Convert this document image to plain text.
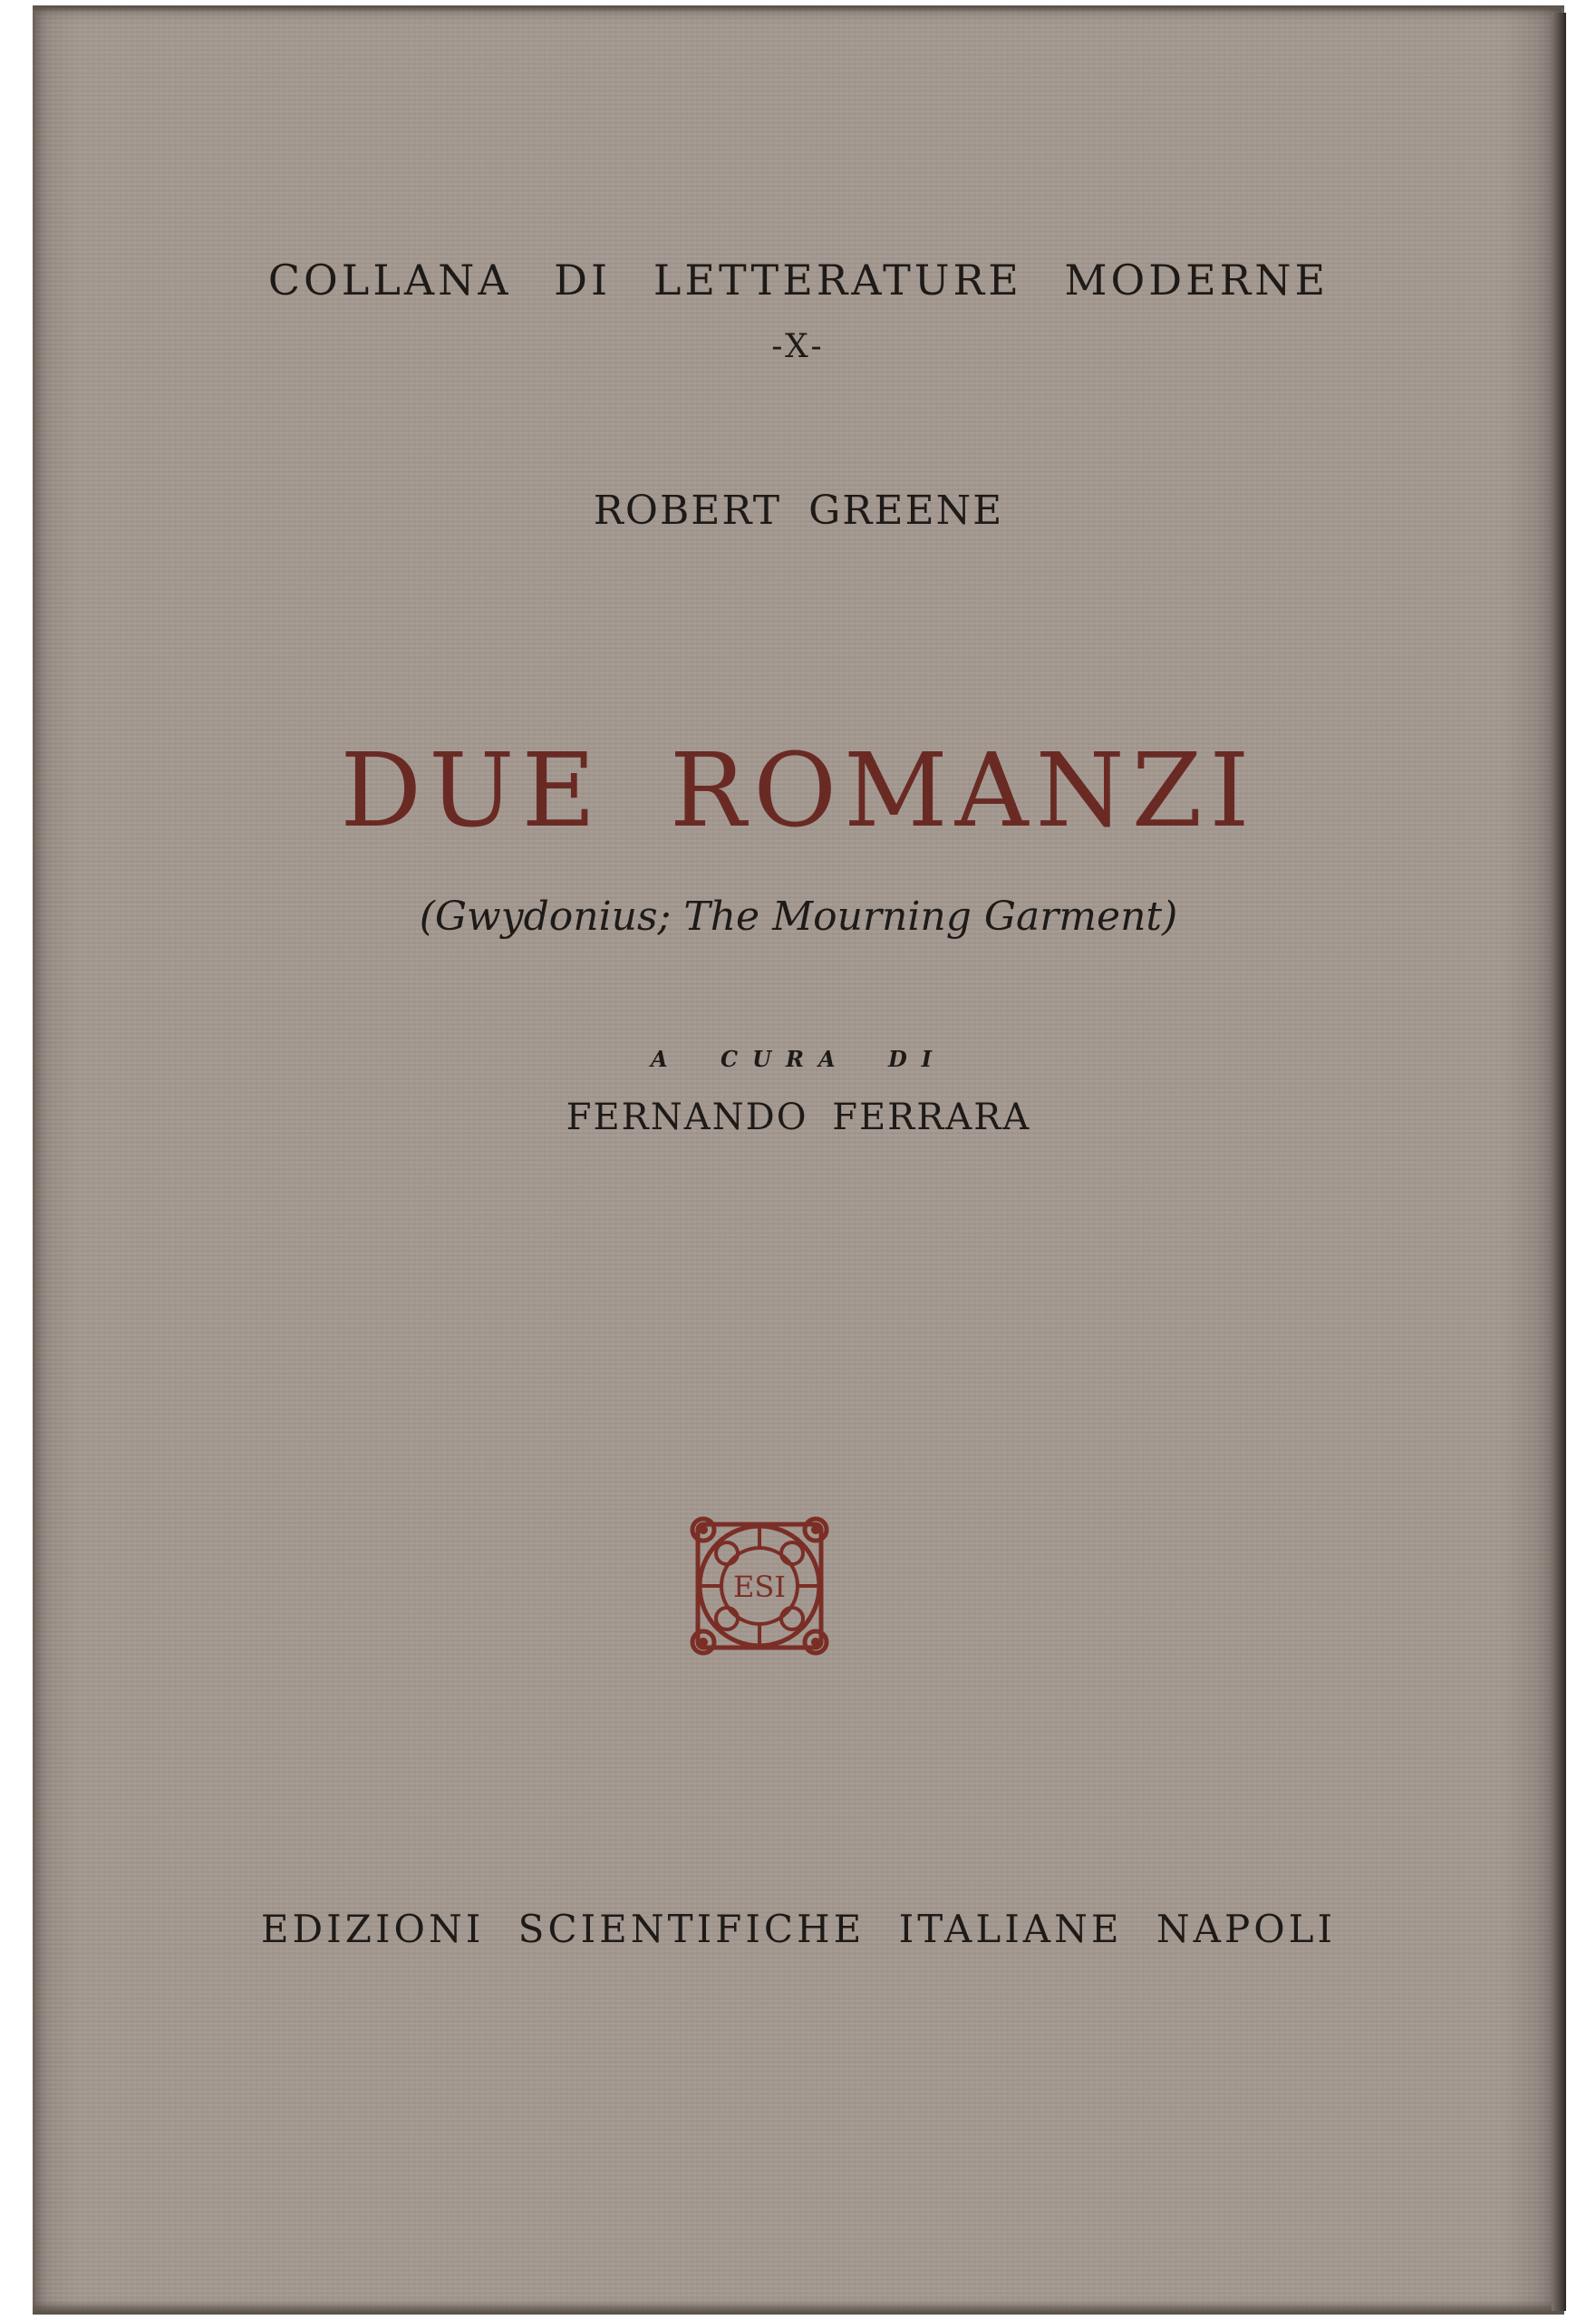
COLLANA DI LETTERATURE MODERNE
-X-
ROBERT GREENE
DUE ROMANZI
(Gwydonius; The Mourning Garment)
A CURA DI
FERNANDO FERRARA
ESI
EDIZIONI SCIENTIFICHE ITALIANE NAPOLI
